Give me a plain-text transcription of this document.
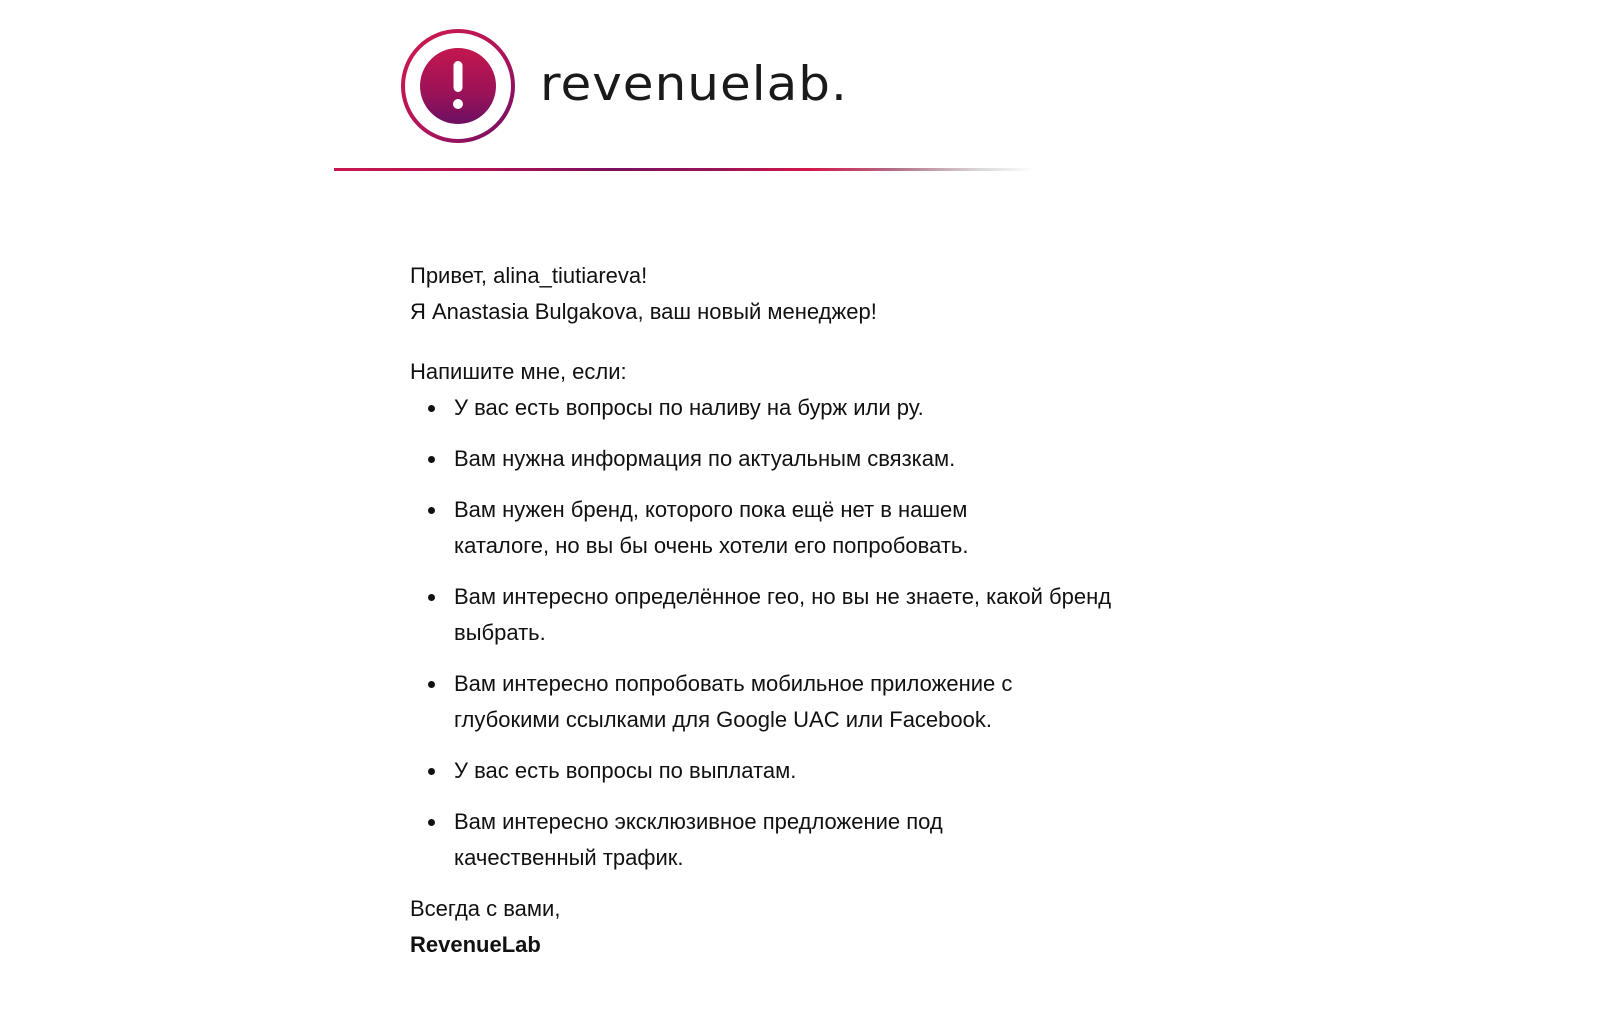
revenuelab.

Привет, alina_tiutiareva!

Я Anastasia Bulgakova, ваш новый менеджер!

Напишите мне, если:

У вас есть вопросы по наливу на бурж или ру.
Вам нужна информация по актуальным связкам.
Вам нужен бренд, которого пока ещё нет в нашем каталоге, но вы бы очень хотели его попробовать.
Вам интересно определённое гео, но вы не знаете, какой бренд выбрать.
Вам интересно попробовать мобильное приложение с глубокими ссылками для Google UAC или Facebook.
У вас есть вопросы по выплатам.
Вам интересно эксклюзивное предложение под качественный трафик.

Всегда с вами,

RevenueLab
